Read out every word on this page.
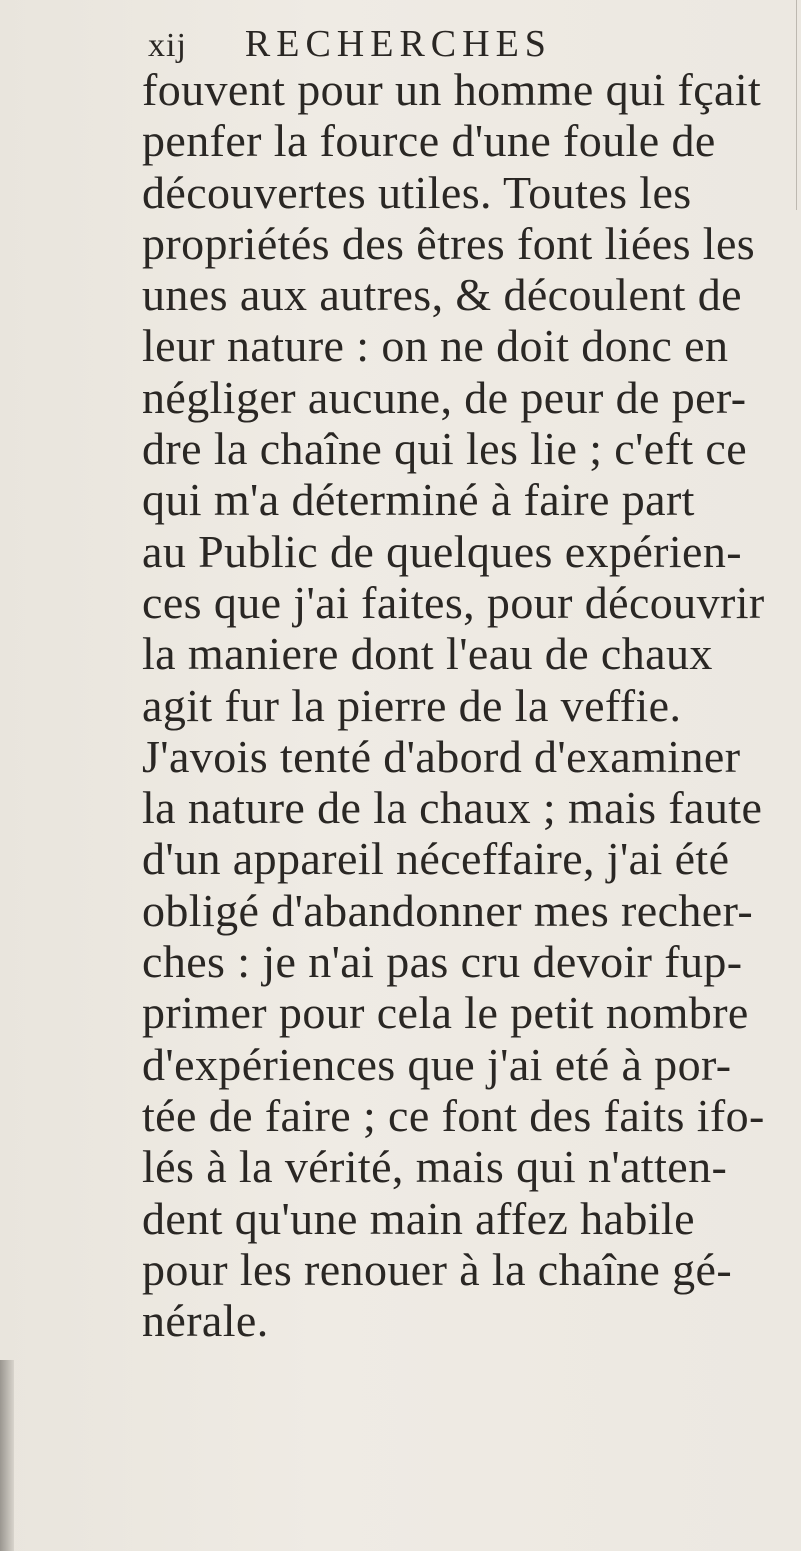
xij RECHERCHES
fouvent pour un homme qui fçait
penfer la fource d'une foule de
découvertes utiles. Toutes les
propriétés des êtres font liées les
unes aux autres, & découlent de
leur nature : on ne doit donc en
négliger aucune, de peur de per-
dre la chaîne qui les lie ; c'eft ce
qui m'a déterminé à faire part
au Public de quelques expérien-
ces que j'ai faites, pour découvrir
la maniere dont l'eau de chaux
agit fur la pierre de la veffie.
J'avois tenté d'abord d'examiner
la nature de la chaux ; mais faute
d'un appareil néceffaire, j'ai été
obligé d'abandonner mes recher-
ches : je n'ai pas cru devoir fup-
primer pour cela le petit nombre
d'expériences que j'ai eté à por-
tée de faire ; ce font des faits ifo-
lés à la vérité, mais qui n'atten-
dent qu'une main affez habile
pour les renouer à la chaîne gé-
nérale.
